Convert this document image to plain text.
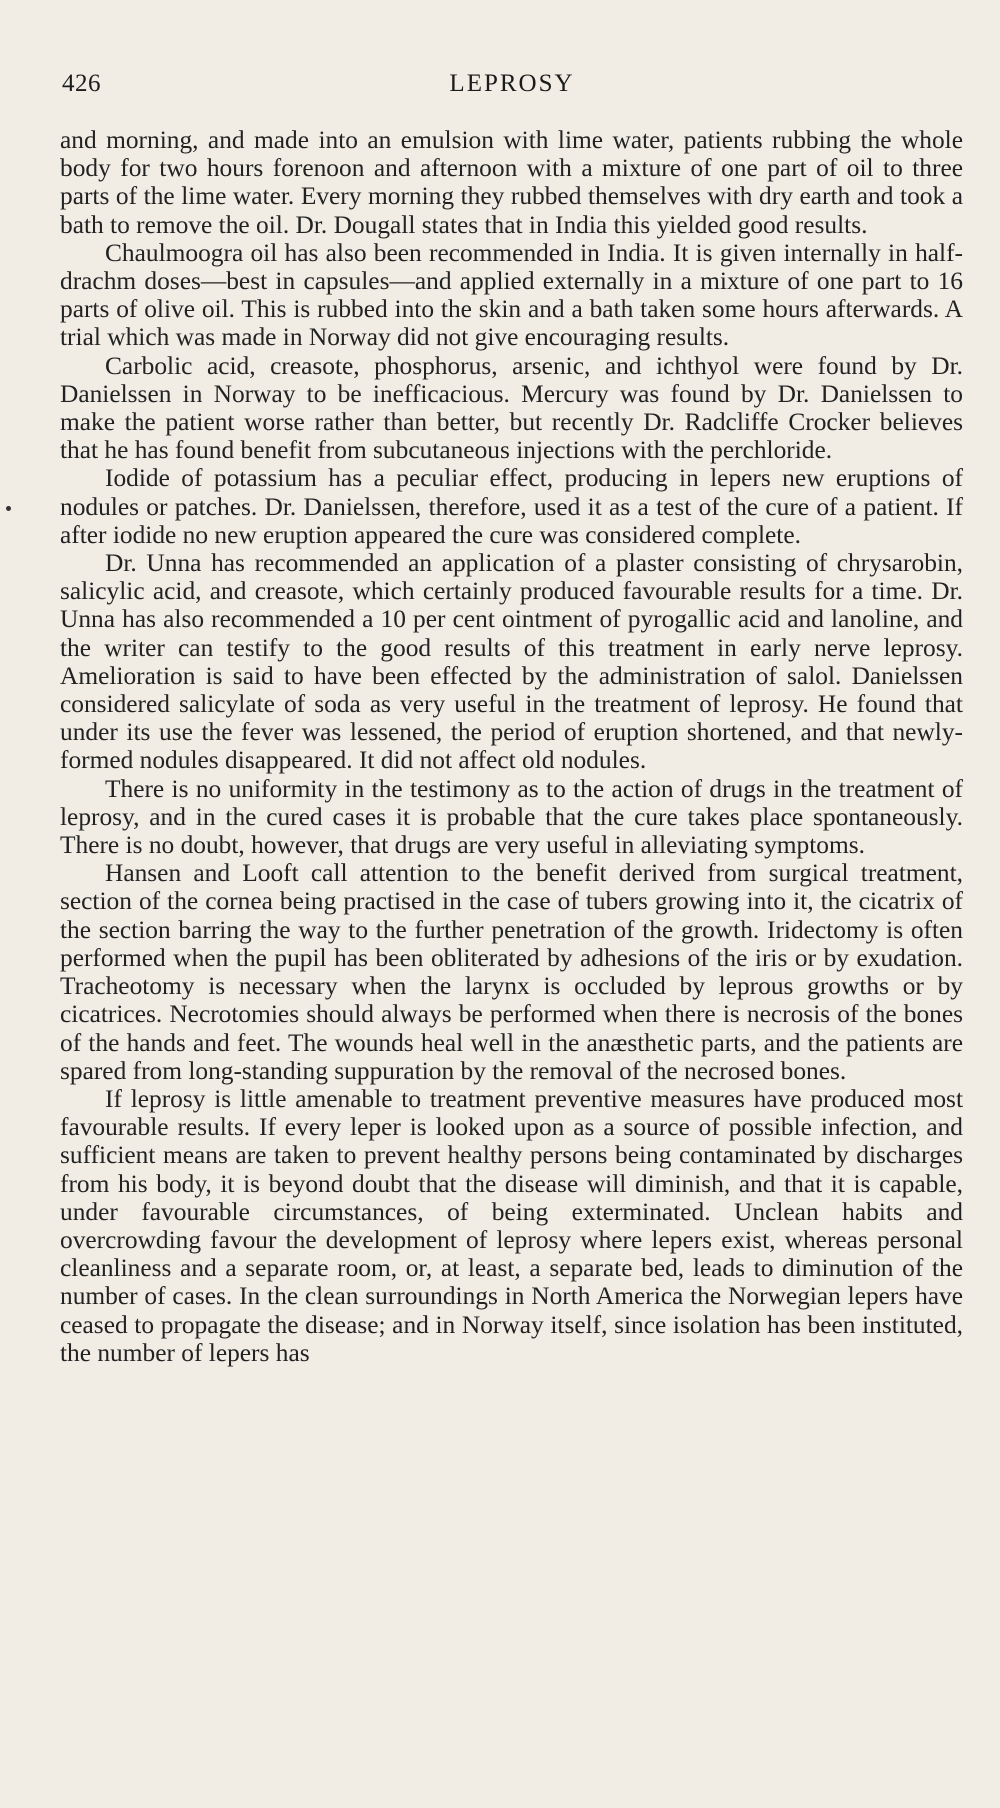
426	LEPROSY

and morning, and made into an emulsion with lime water, patients rubbing the whole body for two hours forenoon and afternoon with a mixture of one part of oil to three parts of the lime water. Every morning they rubbed themselves with dry earth and took a bath to remove the oil. Dr. Dougall states that in India this yielded good results.

Chaulmoogra oil has also been recommended in India. It is given internally in half-drachm doses—best in capsules—and applied externally in a mixture of one part to 16 parts of olive oil. This is rubbed into the skin and a bath taken some hours afterwards. A trial which was made in Norway did not give encouraging results.

Carbolic acid, creasote, phosphorus, arsenic, and ichthyol were found by Dr. Danielssen in Norway to be inefficacious. Mercury was found by Dr. Danielssen to make the patient worse rather than better, but recently Dr. Radcliffe Crocker believes that he has found benefit from subcutaneous injections with the perchloride.

Iodide of potassium has a peculiar effect, producing in lepers new eruptions of nodules or patches. Dr. Danielssen, therefore, used it as a test of the cure of a patient. If after iodide no new eruption appeared the cure was considered complete.

Dr. Unna has recommended an application of a plaster consisting of chrysarobin, salicylic acid, and creasote, which certainly produced favourable results for a time. Dr. Unna has also recommended a 10 per cent ointment of pyrogallic acid and lanoline, and the writer can testify to the good results of this treatment in early nerve leprosy. Amelioration is said to have been effected by the administration of salol. Danielssen considered salicylate of soda as very useful in the treatment of leprosy. He found that under its use the fever was lessened, the period of eruption shortened, and that newly-formed nodules disappeared. It did not affect old nodules.

There is no uniformity in the testimony as to the action of drugs in the treatment of leprosy, and in the cured cases it is probable that the cure takes place spontaneously. There is no doubt, however, that drugs are very useful in alleviating symptoms.

Hansen and Looft call attention to the benefit derived from surgical treatment, section of the cornea being practised in the case of tubers growing into it, the cicatrix of the section barring the way to the further penetration of the growth. Iridectomy is often performed when the pupil has been obliterated by adhesions of the iris or by exudation. Tracheotomy is necessary when the larynx is occluded by leprous growths or by cicatrices. Necrotomies should always be performed when there is necrosis of the bones of the hands and feet. The wounds heal well in the anæsthetic parts, and the patients are spared from long-standing suppuration by the removal of the necrosed bones.

If leprosy is little amenable to treatment preventive measures have produced most favourable results. If every leper is looked upon as a source of possible infection, and sufficient means are taken to prevent healthy persons being contaminated by discharges from his body, it is beyond doubt that the disease will diminish, and that it is capable, under favourable circumstances, of being exterminated. Unclean habits and overcrowding favour the development of leprosy where lepers exist, whereas personal cleanliness and a separate room, or, at least, a separate bed, leads to diminution of the number of cases. In the clean surroundings in North America the Norwegian lepers have ceased to propagate the disease; and in Norway itself, since isolation has been instituted, the number of lepers has
